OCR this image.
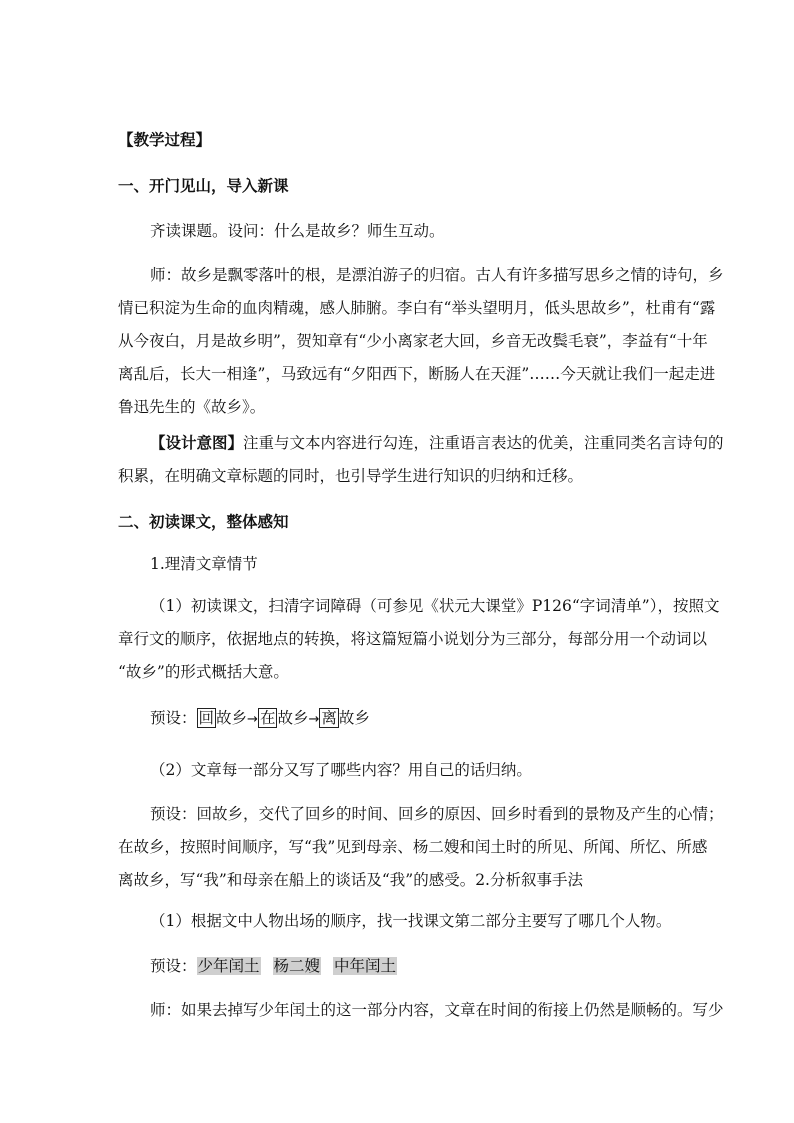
【教学过程】
一、开门见山，导入新课
齐读课题。设问：什么是故乡？师生互动。
师：故乡是飘零落叶的根，是漂泊游子的归宿。古人有许多描写思乡之情的诗句，乡
情已积淀为生命的血肉精魂，感人肺腑。李白有“举头望明月，低头思故乡”，杜甫有“露
从今夜白，月是故乡明”，贺知章有“少小离家老大回，乡音无改鬓毛衰”，李益有“十年
离乱后，长大一相逢”，马致远有“夕阳西下，断肠人在天涯”……今天就让我们一起走进
鲁迅先生的《故乡》。
【设计意图】注重与文本内容进行勾连，注重语言表达的优美，注重同类名言诗句的
积累，在明确文章标题的同时，也引导学生进行知识的归纳和迁移。
二、初读课文，整体感知
1.理清文章情节
（1）初读课文，扫清字词障碍（可参见《状元大课堂》P126“字词清单”），按照文
章行文的顺序，依据地点的转换，将这篇短篇小说划分为三部分，每部分用一个动词以
“故乡”的形式概括大意。
预设： 回 故乡→ 在 故乡→ 离 故乡
（2）文章每一部分又写了哪些内容？用自己的话归纳。
预设：回故乡，交代了回乡的时间、回乡的原因、回乡时看到的景物及产生的心情；
在故乡，按照时间顺序，写“我”见到母亲、杨二嫂和闰土时的所见、所闻、所忆、所感
离故乡，写“我”和母亲在船上的谈话及“我”的感受。2.分析叙事手法
（1）根据文中人物出场的顺序，找一找课文第二部分主要写了哪几个人物。
预设：少年闰土 杨二嫂 中年闰土
师：如果去掉写少年闰土的这一部分内容，文章在时间的衔接上仍然是顺畅的。写少
